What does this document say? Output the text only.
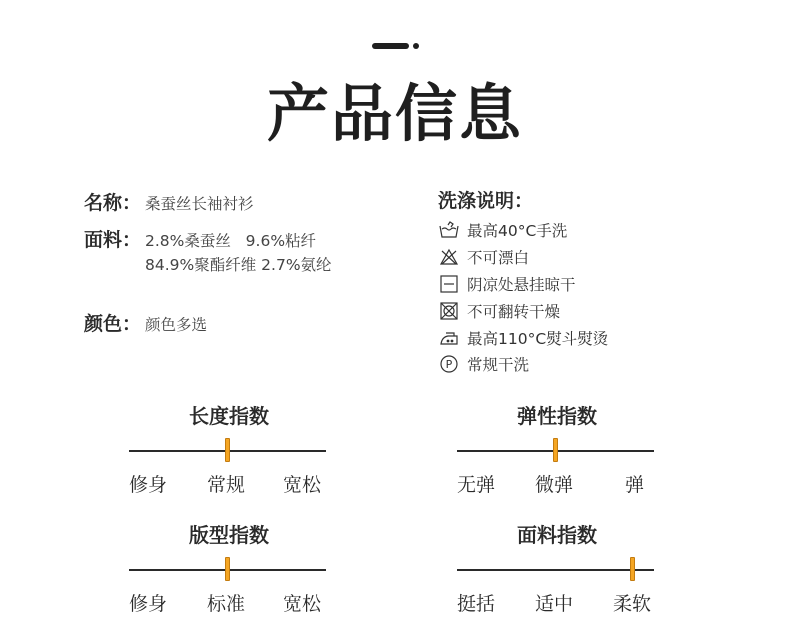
产品信息
名称： 桑蚕丝长袖衬衫
面料： 2.8%桑蚕丝   9.6%粘纤
84.9%聚酯纤维 2.7%氨纶
颜色： 颜色多选
洗涤说明：
最高40°C手洗
不可漂白
阴凉处悬挂晾干
不可翻转干燥
最高110°C熨斗熨烫
P 常规干洗
长度指数
修身 常规 宽松
弹性指数
无弹 微弹	弹
版型指数
修身 标准 宽松
面料指数
挺括 适中 柔软
